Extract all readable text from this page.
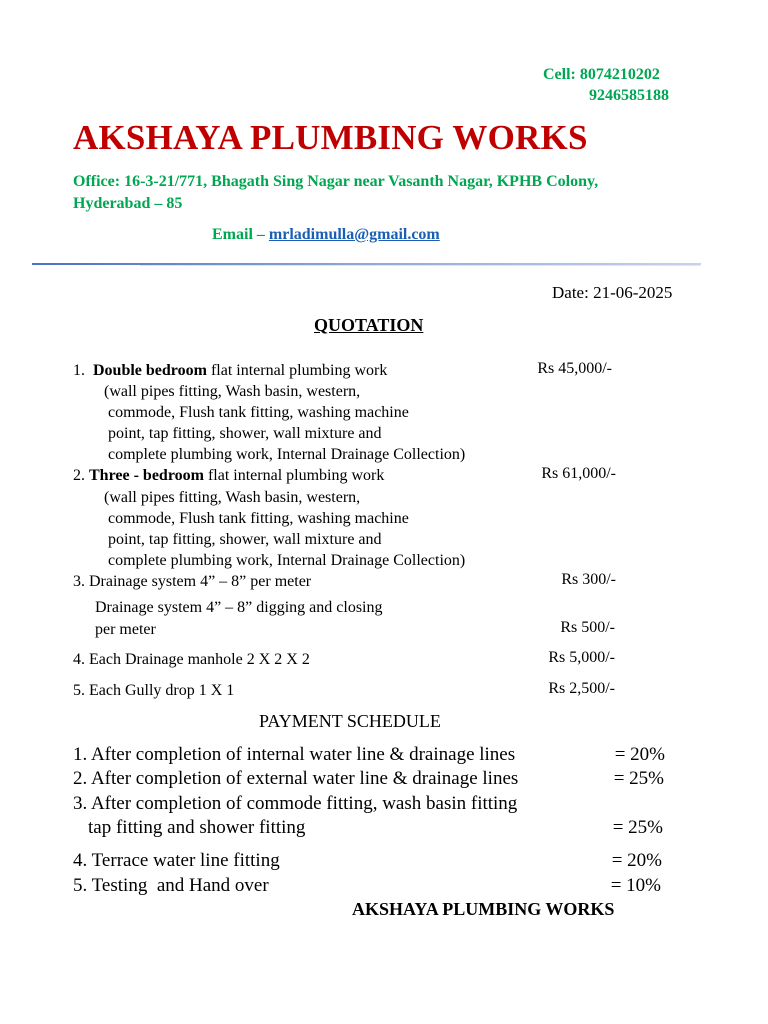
Cell: 8074210202
9246585188
AKSHAYA PLUMBING WORKS
Office: 16-3-21/771, Bhagath Sing Nagar near Vasanth Nagar, KPHB Colony,
Hyderabad – 85
Email – mrladimulla@gmail.com
Date: 21-06-2025
QUOTATION
1.  Double bedroom flat internal plumbing work	Rs 45,000/-
(wall pipes fitting, Wash basin, western,
commode, Flush tank fitting, washing machine
point, tap fitting, shower, wall mixture and
complete plumbing work, Internal Drainage Collection)
2. Three - bedroom flat internal plumbing work	Rs 61,000/-
(wall pipes fitting, Wash basin, western,
commode, Flush tank fitting, washing machine
point, tap fitting, shower, wall mixture and
complete plumbing work, Internal Drainage Collection)
3. Drainage system 4” – 8” per meter	Rs 300/-
Drainage system 4” – 8” digging and closing
per meter	Rs 500/-
4. Each Drainage manhole 2 X 2 X 2	Rs 5,000/-
5. Each Gully drop 1 X 1	Rs 2,500/-
PAYMENT SCHEDULE
1. After completion of internal water line & drainage lines	= 20%
2. After completion of external water line & drainage lines	= 25%
3. After completion of commode fitting, wash basin fitting
tap fitting and shower fitting	= 25%
4. Terrace water line fitting	= 20%
5. Testing  and Hand over	= 10%
AKSHAYA PLUMBING WORKS
